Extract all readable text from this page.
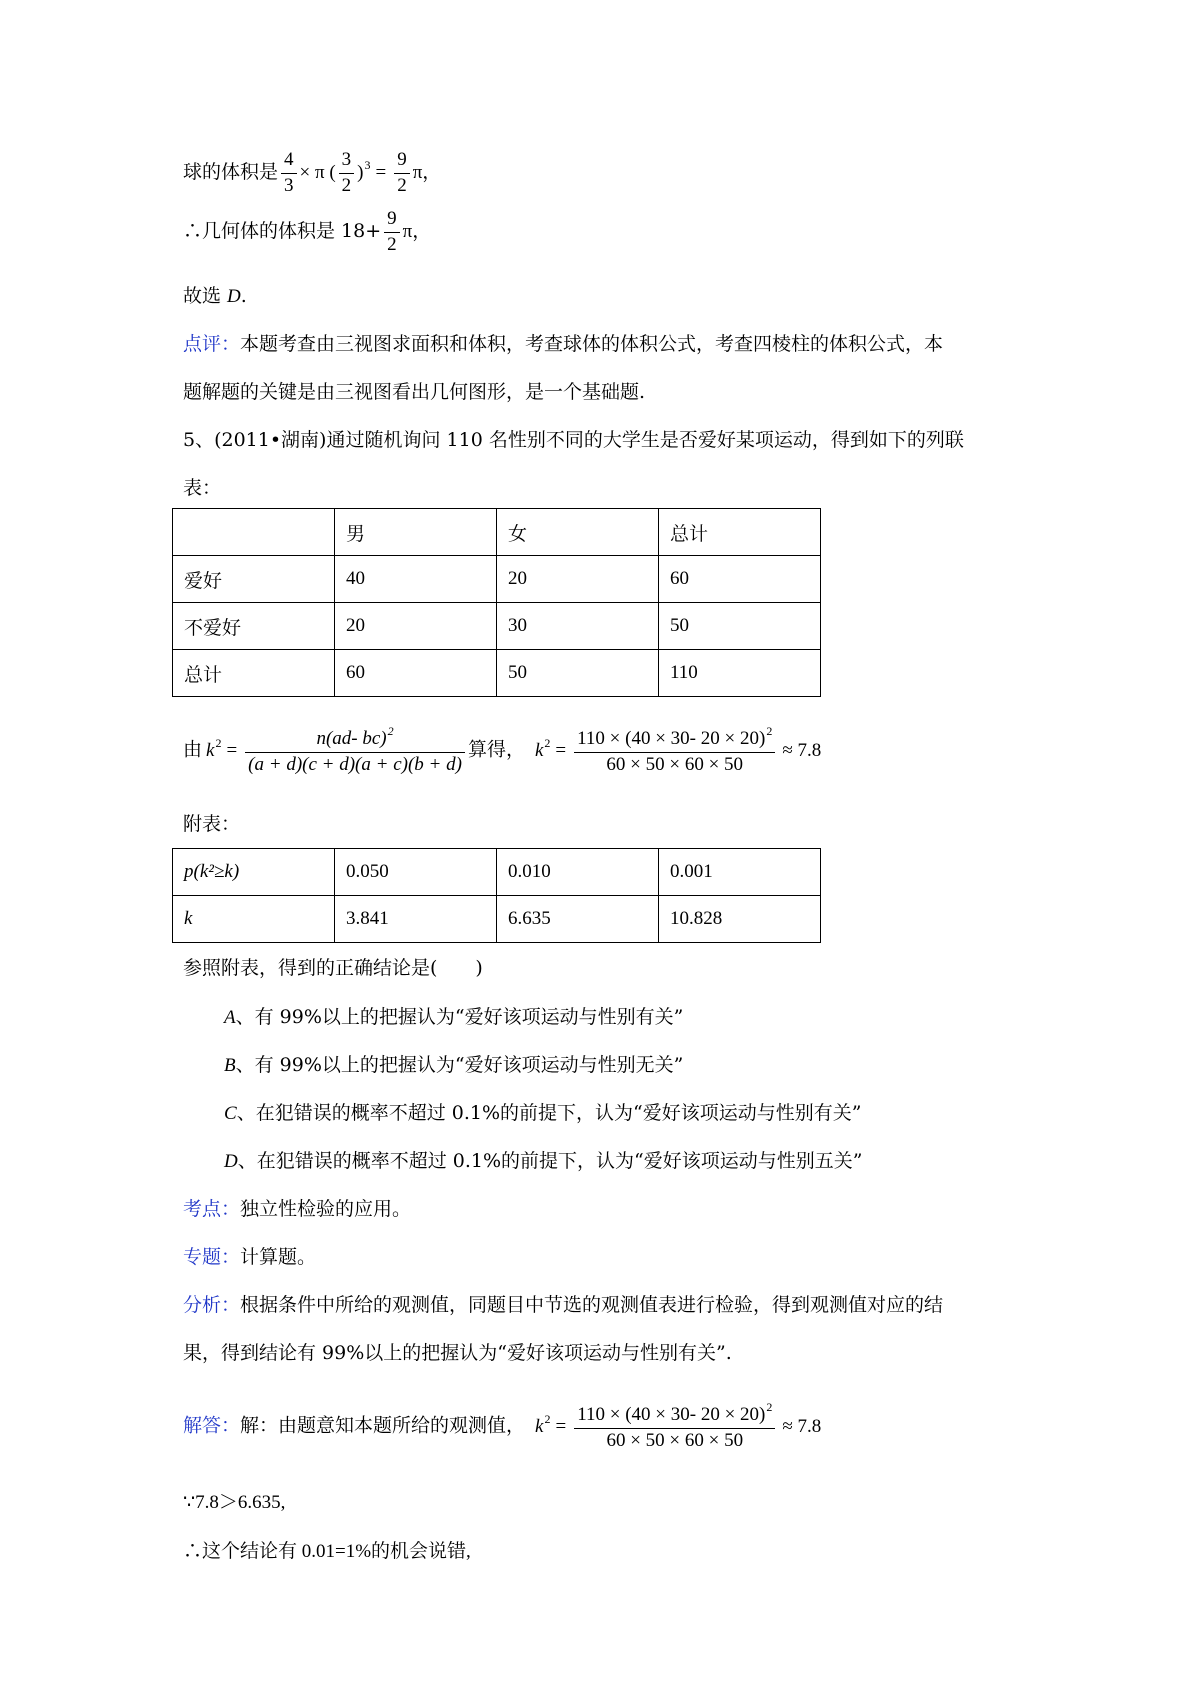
球的体积是 $\frac{4}{3} \times \pi$ ( $\frac{3}{2} )^3 = \frac{9}{2}$ π，
∴几何体的体积是 $18+ \frac{9}{2}$ π，
故选 D.
点评：本题考查由三视图求面积和体积，考查球体的体积公式，考查四棱柱的体积公式，本
题解题的关键是由三视图看出几何图形，是一个基础题.
5、(2011•湖南)通过随机询问 110 名性别不同的大学生是否爱好某项运动，得到如下的列联
表：
	男	女	总计
爱好	40	20	60
不爱好	20	30	50
总计	60	50	110
由 $k^2 = \frac{n(ad- bc)^2}{(a + d)(c + d)(a + c)(b + d)}$ 算得， $k^2 = \frac{110 \times (40 \times 30- 20 \times 20)^2}{60 \times 50 \times 60 \times 50} \approx 7.8$
附表：
p(k²≥k)	0.050	0.010	0.001
k	3.841	6.635	10.828
参照附表，得到的正确结论是(　　)
A、有 99%以上的把握认为“爱好该项运动与性别有关”
B、有 99%以上的把握认为“爱好该项运动与性别无关”
C、在犯错误的概率不超过 0.1%的前提下，认为“爱好该项运动与性别有关”
D、在犯错误的概率不超过 0.1%的前提下，认为“爱好该项运动与性别五关”
考点：独立性检验的应用。
专题：计算题。
分析：根据条件中所给的观测值，同题目中节选的观测值表进行检验，得到观测值对应的结
果，得到结论有 99%以上的把握认为“爱好该项运动与性别有关”.
解答：解：由题意知本题所给的观测值， $k^2 = \frac{110 \times (40 \times 30- 20 \times 20)^2}{60 \times 50 \times 60 \times 50} \approx 7.8$
∵7.8＞6.635,
∴这个结论有 0.01=1%的机会说错,
